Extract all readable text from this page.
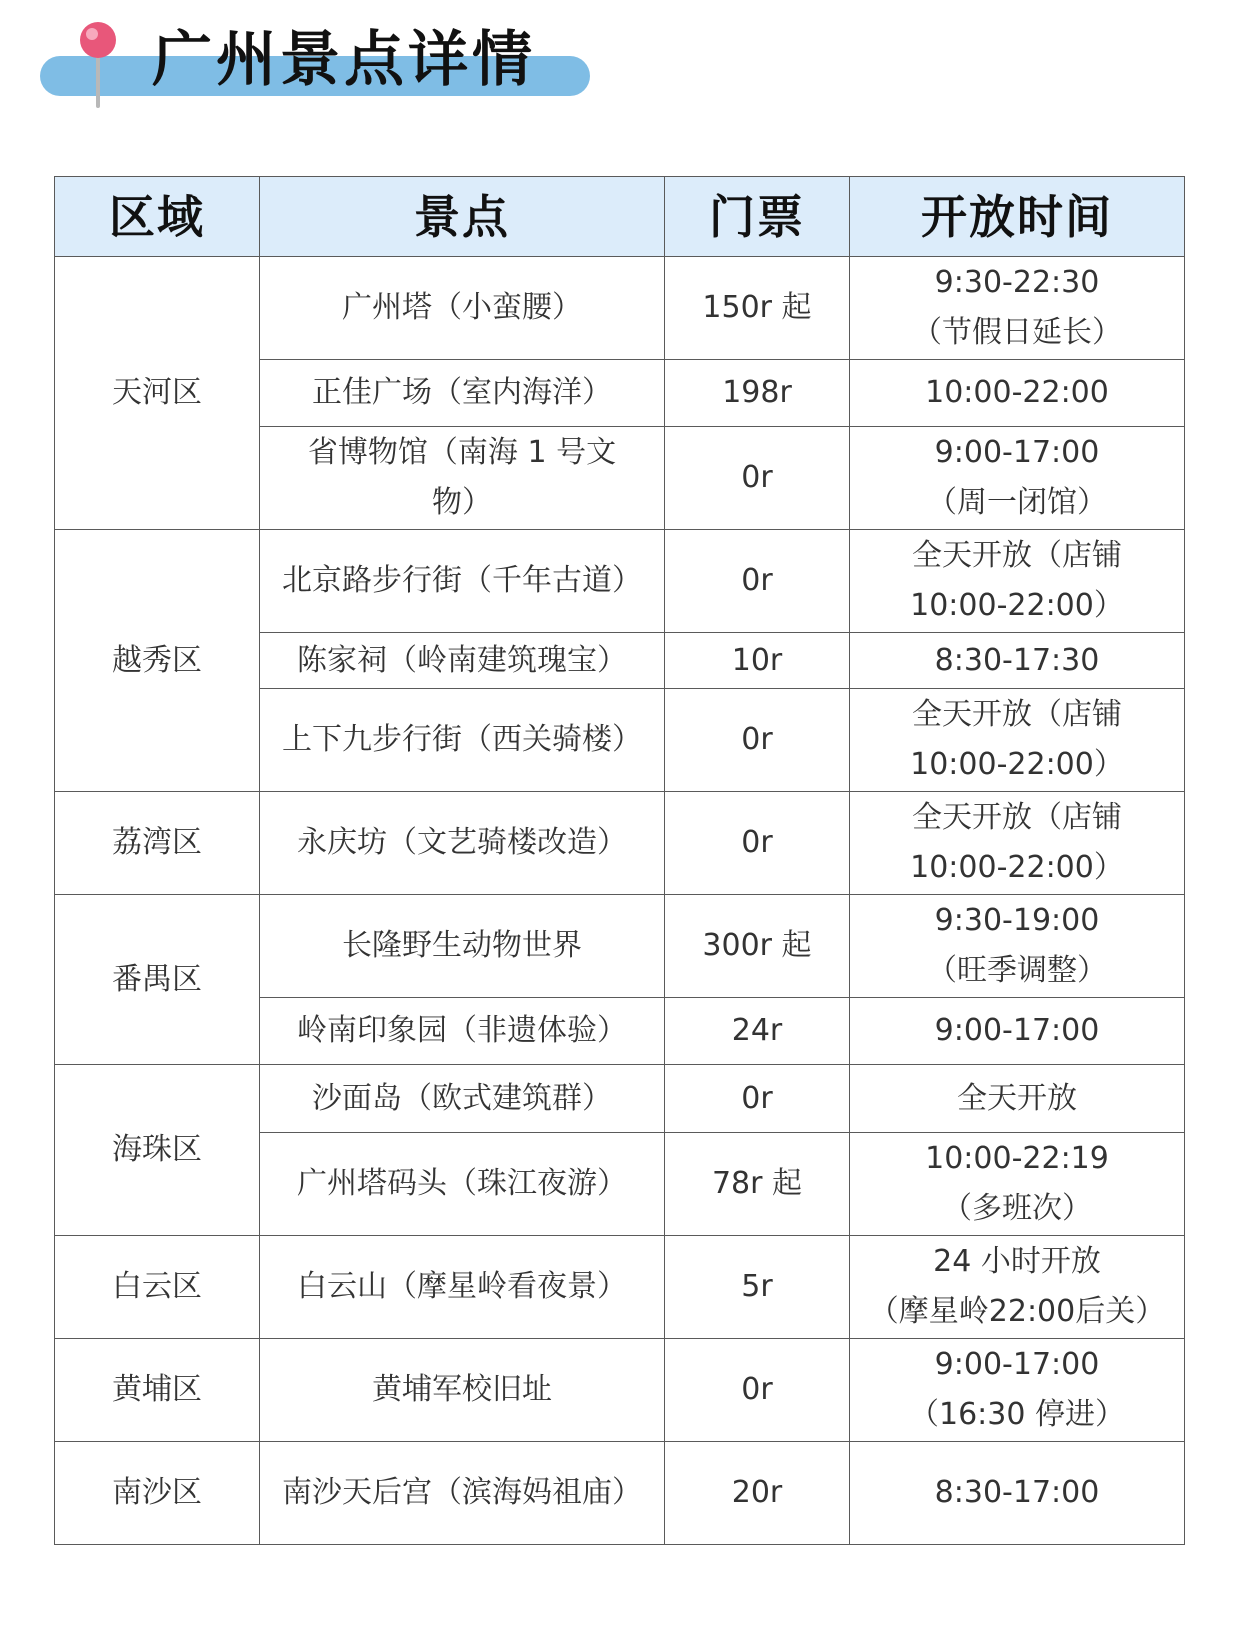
广州景点详情
区域	景点	门票	开放时间
天河区	广州塔（小蛮腰）	150r 起	9:30-22:30
（节假日延长）

	正佳广场（室内海洋）	198r	10:00-22:00

	省博物馆（南海 1 号文
物）	0r	9:00-17:00
（周一闭馆）

越秀区	北京路步行街（千年古道）	0r	全天开放（店铺
10:00-22:00）

	陈家祠（岭南建筑瑰宝）	10r	8:30-17:30

	上下九步行街（西关骑楼）	0r	全天开放（店铺
10:00-22:00）

荔湾区	永庆坊（文艺骑楼改造）	0r	全天开放（店铺
10:00-22:00）

番禺区	长隆野生动物世界	300r 起	9:30-19:00
（旺季调整）

	岭南印象园（非遗体验）	24r	9:00-17:00

海珠区	沙面岛（欧式建筑群）	0r	全天开放

	广州塔码头（珠江夜游）	78r 起	10:00-22:19
（多班次）

白云区	白云山（摩星岭看夜景）	5r	24 小时开放
（摩星岭22:00后关）

黄埔区	黄埔军校旧址	0r	9:00-17:00
（16:30 停进）

南沙区	南沙天后宫（滨海妈祖庙）	20r	8:30-17:00
